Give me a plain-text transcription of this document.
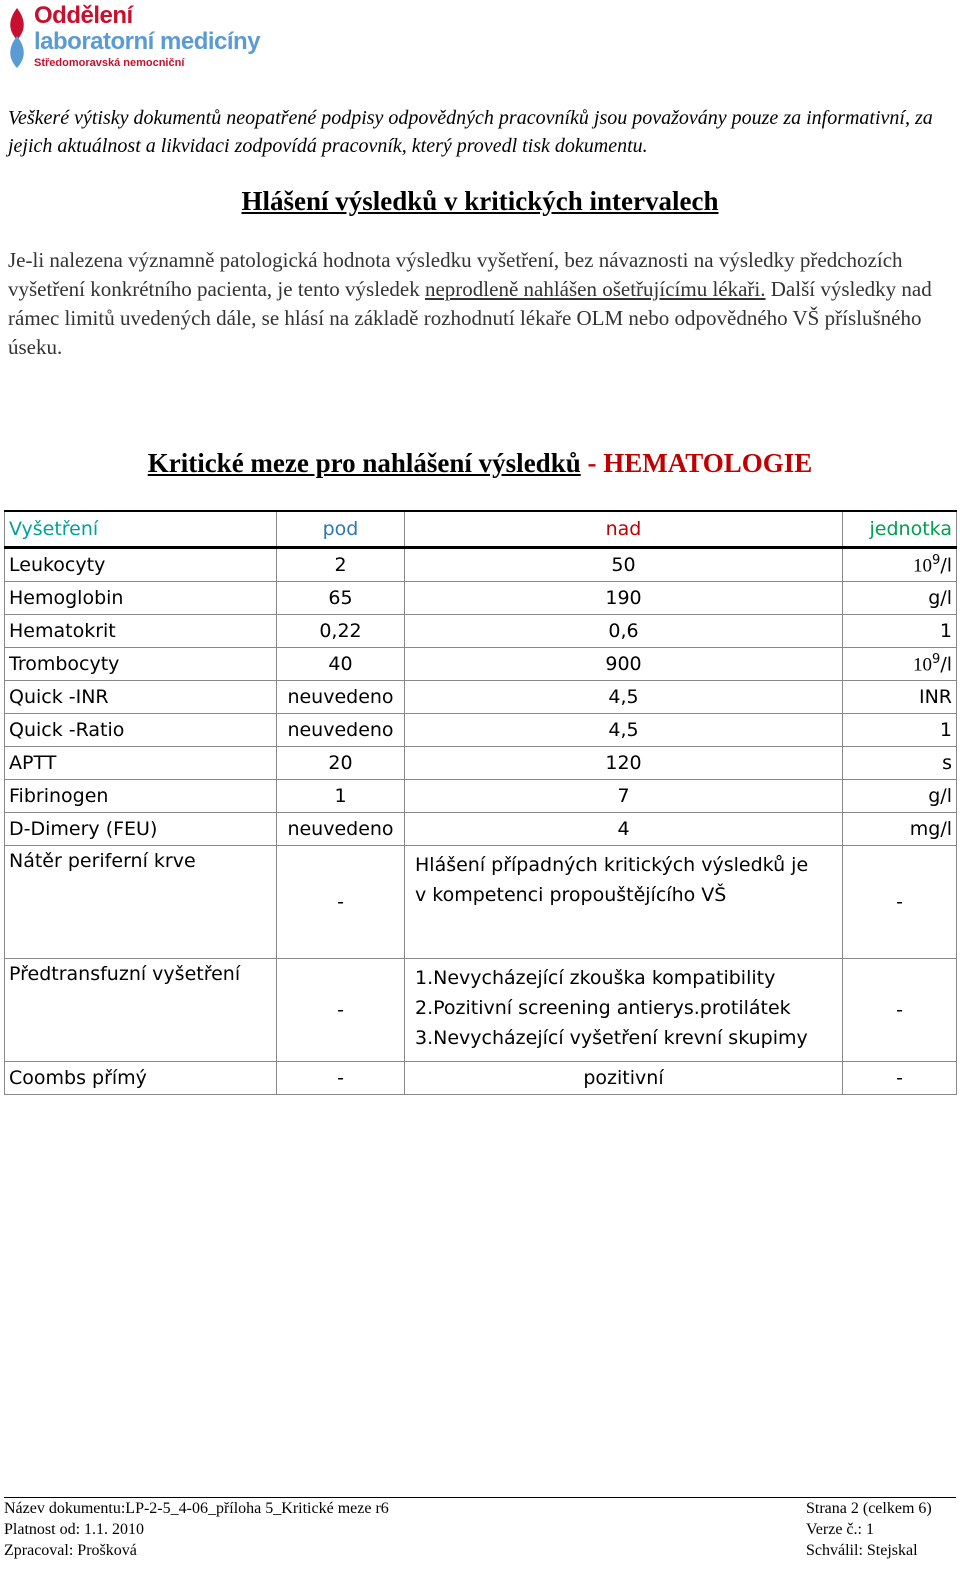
Oddělení
laboratorní medicíny
Středomoravská nemocniční
Veškeré výtisky dokumentů neopatřené podpisy odpovědných pracovníků jsou považovány pouze za informativní, za jejich aktuálnost a likvidaci zodpovídá pracovník, který provedl tisk dokumentu.
Hlášení výsledků v kritických intervalech
Je-li nalezena významně patologická hodnota výsledku vyšetření, bez návaznosti na výsledky předchozích vyšetření konkrétního pacienta, je tento výsledek neprodleně nahlášen ošetřujícímu lékaři. Další výsledky nad rámec limitů uvedených dále, se hlásí na základě rozhodnutí lékaře OLM nebo odpovědného VŠ příslušného úseku.
Kritické meze pro nahlášení výsledků - HEMATOLOGIE
Vyšetření	pod	nad	jednotka
Leukocyty	2	50	$10^9/l$
Hemoglobin	65	190	g/l
Hematokrit	0,22	0,6	1
Trombocyty	40	900	$10^9/l$
Quick -INR	neuvedeno	4,5	INR
Quick -Ratio	neuvedeno	4,5	1
APTT	20	120	s
Fibrinogen	1	7	g/l
D-Dimery (FEU)	neuvedeno	4	mg/l
Nátěr periferní krve	-	Hlášení případných kritických výsledků je
v kompetenci propouštějícího VŠ	-
Předtransfuzní vyšetření	-	1.Nevycházející zkouška kompatibility
2.Pozitivní screening antierys.protilátek
3.Nevycházející vyšetření krevní skupimy	-
Coombs přímý	-	pozitivní	-
Název dokumentu:LP-2-5_4-06_příloha 5_Kritické meze r6	Strana 2 (celkem 6)
Platnost od: 1.1. 2010	Verze č.: 1
Zpracoval: Prošková	Schválil: Stejskal
